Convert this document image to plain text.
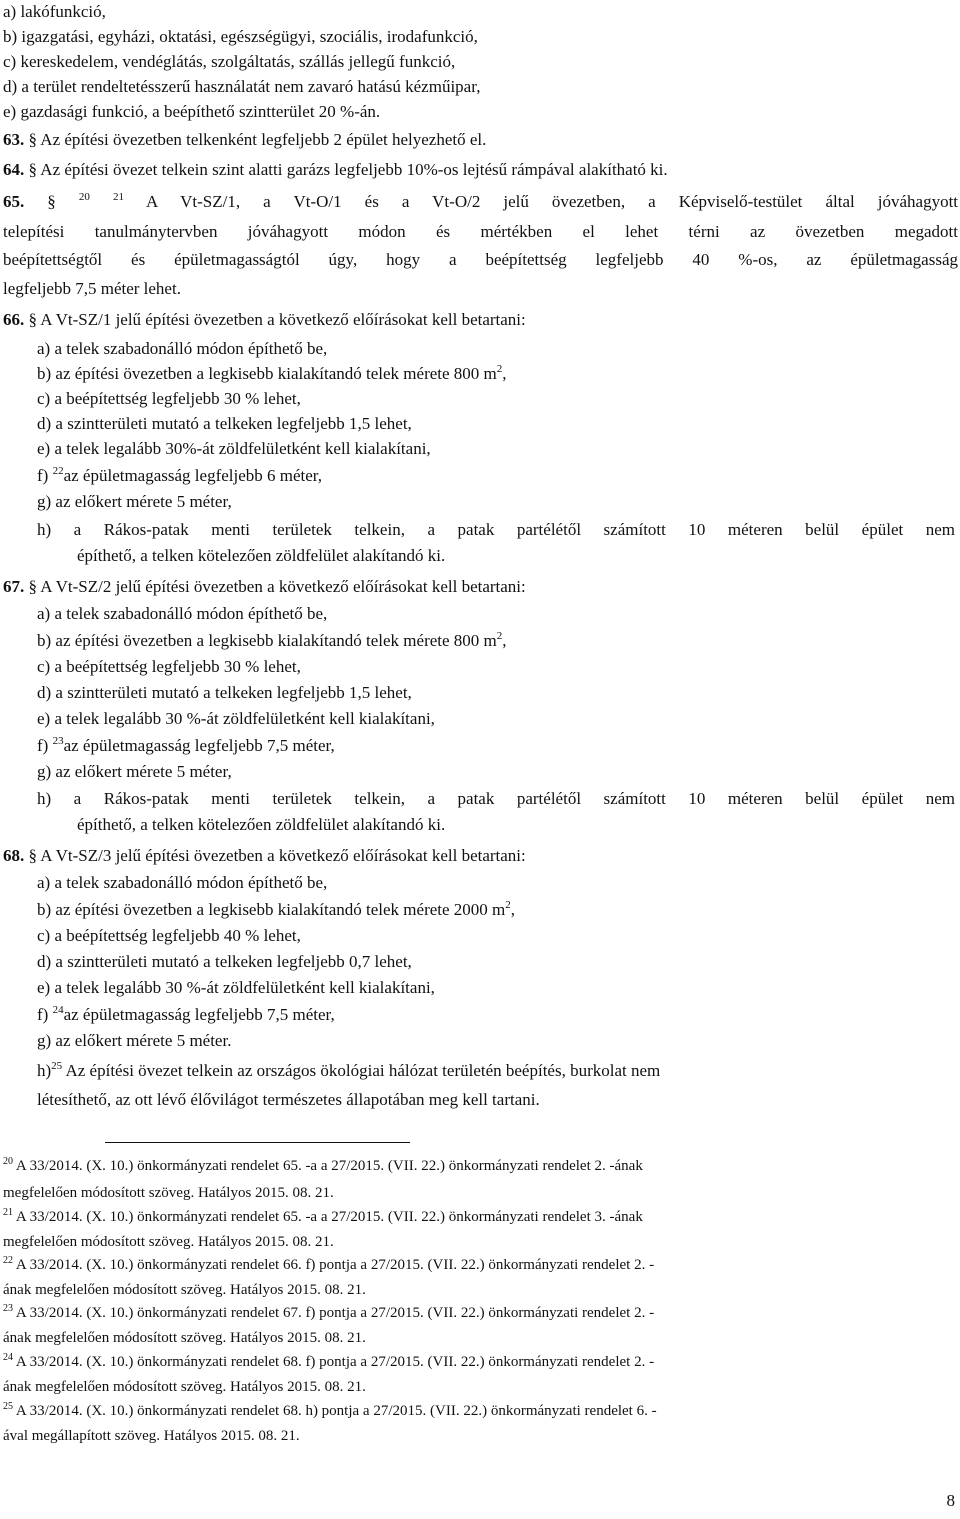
a) lakófunkció,
b) igazgatási, egyházi, oktatási, egészségügyi, szociális, irodafunkció,
c) kereskedelem, vendéglátás, szolgáltatás, szállás jellegű funkció,
d) a terület rendeltetésszerű használatát nem zavaró hatású kézműipar,
e) gazdasági funkció, a beépíthető szintterület 20 %-án.
63. § Az építési övezetben telkenként legfeljebb 2 épület helyezhető el.
64. § Az építési övezet telkein szint alatti garázs legfeljebb 10%-os lejtésű rámpával alakítható ki.
65. § $^{20}$ $^{21}$ A Vt-SZ/1, a Vt-O/1 és a Vt-O/2 jelű övezetben, a Képviselő-testület által jóváhagyott
telepítési tanulmánytervben jóváhagyott módon és mértékben el lehet térni az övezetben megadott
beépítettségtől és épületmagasságtól úgy, hogy a beépítettség legfeljebb 40 %-os, az épületmagasság
legfeljebb 7,5 méter lehet.
66. § A Vt-SZ/1 jelű építési övezetben a következő előírásokat kell betartani:
a) a telek szabadonálló módon építhető be,
b) az építési övezetben a legkisebb kialakítandó telek mérete 800 $m^2$,
c) a beépítettség legfeljebb 30 % lehet,
d) a szintterületi mutató a telkeken legfeljebb 1,5 lehet,
e) a telek legalább 30%-át zöldfelületként kell kialakítani,
f) $^{22}$az épületmagasság legfeljebb 6 méter,
g) az előkert mérete 5 méter,
h) a Rákos-patak menti területek telkein, a patak partélétől számított 10 méteren belül épület nem
építhető, a telken kötelezően zöldfelület alakítandó ki.
67. § A Vt-SZ/2 jelű építési övezetben a következő előírásokat kell betartani:
a) a telek szabadonálló módon építhető be,
b) az építési övezetben a legkisebb kialakítandó telek mérete 800 $m^2$,
c) a beépítettség legfeljebb 30 % lehet,
d) a szintterületi mutató a telkeken legfeljebb 1,5 lehet,
e) a telek legalább 30 %-át zöldfelületként kell kialakítani,
f) $^{23}$az épületmagasság legfeljebb 7,5 méter,
g) az előkert mérete 5 méter,
h) a Rákos-patak menti területek telkein, a patak partélétől számított 10 méteren belül épület nem
építhető, a telken kötelezően zöldfelület alakítandó ki.
68. § A Vt-SZ/3 jelű építési övezetben a következő előírásokat kell betartani:
a) a telek szabadonálló módon építhető be,
b) az építési övezetben a legkisebb kialakítandó telek mérete 2000 $m^2$,
c) a beépítettség legfeljebb 40 % lehet,
d) a szintterületi mutató a telkeken legfeljebb 0,7 lehet,
e) a telek legalább 30 %-át zöldfelületként kell kialakítani,
f) $^{24}$az épületmagasság legfeljebb 7,5 méter,
g) az előkert mérete 5 méter.
h)$^{25}$ Az építési övezet telkein az országos ökológiai hálózat területén beépítés, burkolat nem
létesíthető, az ott lévő élővilágot természetes állapotában meg kell tartani.
$^{20}$ A 33/2014. (X. 10.) önkormányzati rendelet 65. -a a 27/2015. (VII. 22.) önkormányzati rendelet 2. -ának
megfelelően módosított szöveg. Hatályos 2015. 08. 21.
$^{21}$ A 33/2014. (X. 10.) önkormányzati rendelet 65. -a a 27/2015. (VII. 22.) önkormányzati rendelet 3. -ának
megfelelően módosított szöveg. Hatályos 2015. 08. 21.
$^{22}$ A 33/2014. (X. 10.) önkormányzati rendelet 66. f) pontja a 27/2015. (VII. 22.) önkormányzati rendelet 2. -
ának megfelelően módosított szöveg. Hatályos 2015. 08. 21.
$^{23}$ A 33/2014. (X. 10.) önkormányzati rendelet 67. f) pontja a 27/2015. (VII. 22.) önkormányzati rendelet 2. -
ának megfelelően módosított szöveg. Hatályos 2015. 08. 21.
$^{24}$ A 33/2014. (X. 10.) önkormányzati rendelet 68. f) pontja a 27/2015. (VII. 22.) önkormányzati rendelet 2. -
ának megfelelően módosított szöveg. Hatályos 2015. 08. 21.
$^{25}$ A 33/2014. (X. 10.) önkormányzati rendelet 68. h) pontja a 27/2015. (VII. 22.) önkormányzati rendelet 6. -
ával megállapított szöveg. Hatályos 2015. 08. 21.
8
